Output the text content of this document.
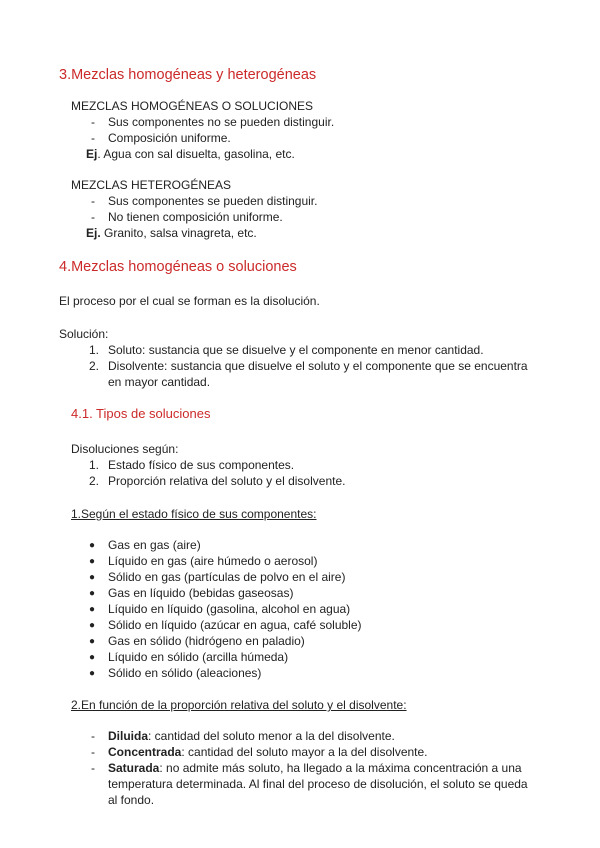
3.Mezclas homogéneas y heterogéneas
MEZCLAS HOMOGÉNEAS O SOLUCIONES
- Sus componentes no se pueden distinguir.
- Composición uniforme.
Ej. Agua con sal disuelta, gasolina, etc.
MEZCLAS HETEROGÉNEAS
- Sus componentes se pueden distinguir.
- No tienen composición uniforme.
Ej. Granito, salsa vinagreta, etc.
4.Mezclas homogéneas o soluciones
El proceso por el cual se forman es la disolución.
Solución:
1. Soluto: sustancia que se disuelve y el componente en menor cantidad.
2. Disolvente: sustancia que disuelve el soluto y el componente que se encuentra
en mayor cantidad.
4.1. Tipos de soluciones
Disoluciones según:
1. Estado físico de sus componentes.
2. Proporción relativa del soluto y el disolvente.
1.Según el estado físico de sus componentes:
● Gas en gas (aire)
● Líquido en gas (aire húmedo o aerosol)
● Sólido en gas (partículas de polvo en el aire)
● Gas en líquido (bebidas gaseosas)
● Líquido en líquido (gasolina, alcohol en agua)
● Sólido en líquido (azúcar en agua, café soluble)
● Gas en sólido (hidrógeno en paladio)
● Líquido en sólido (arcilla húmeda)
● Sólido en sólido (aleaciones)
2.En función de la proporción relativa del soluto y el disolvente:
- Diluida: cantidad del soluto menor a la del disolvente.
- Concentrada: cantidad del soluto mayor a la del disolvente.
- Saturada: no admite más soluto, ha llegado a la máxima concentración a una
temperatura determinada. Al final del proceso de disolución, el soluto se queda
al fondo.
